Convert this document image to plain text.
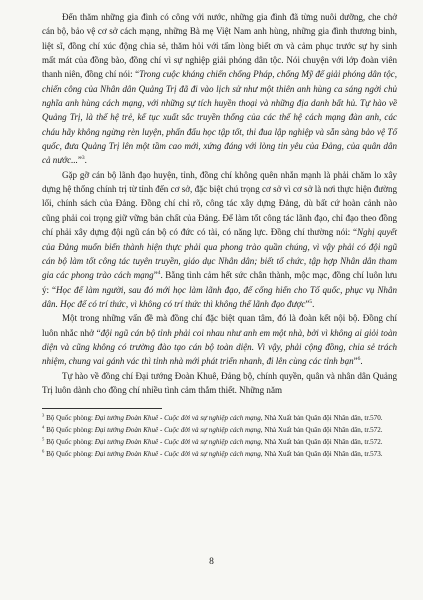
Đến thăm những gia đình có công với nước, những gia đình đã từng nuôi dưỡng, che chở cán bộ, bảo vệ cơ sở cách mạng, những Bà mẹ Việt Nam anh hùng, những gia đình thương binh, liệt sĩ, đồng chí xúc động chia sẻ, thăm hỏi với tấm lòng biết ơn và cảm phục trước sự hy sinh mất mát của đồng bào, đồng chí vì sự nghiệp giải phóng dân tộc. Nói chuyện với lớp đoàn viên thanh niên, đồng chí nói: “Trong cuộc kháng chiến chống Pháp, chống Mỹ để giải phóng dân tộc, chiến công của Nhân dân Quảng Trị đã đi vào lịch sử như một thiên anh hùng ca sáng ngời chủ nghĩa anh hùng cách mạng, với những sự tích huyền thoại và những địa danh bất hủ. Tự hào về Quảng Trị, là thế hệ trẻ, kế tục xuất sắc truyền thống của các thế hệ cách mạng đàn anh, các cháu hãy không ngừng rèn luyện, phấn đấu học tập tốt, thi đua lập nghiệp và sẵn sàng bảo vệ Tổ quốc, đưa Quảng Trị lên một tầm cao mới, xứng đáng với lòng tin yêu của Đảng, của quân dân cả nước...”$^3$.

Gặp gỡ cán bộ lãnh đạo huyện, tỉnh, đồng chí không quên nhắn mạnh là phải chăm lo xây dựng hệ thống chính trị từ tỉnh đến cơ sở, đặc biệt chú trọng cơ sở vì cơ sở là nơi thực hiện đường lối, chính sách của Đảng. Đồng chí chỉ rõ, công tác xây dựng Đảng, dù bất cứ hoàn cảnh nào cũng phải coi trọng giữ vững bản chất của Đảng. Để làm tốt công tác lãnh đạo, chỉ đạo theo đồng chí phải xây dựng đội ngũ cán bộ có đức có tài, có năng lực. Đồng chí thường nói: “Nghị quyết của Đảng muốn biến thành hiện thực phải qua phong trào quần chúng, vì vậy phải có đội ngũ cán bộ làm tốt công tác tuyên truyền, giáo dục Nhân dân; biết tổ chức, tập hợp Nhân dân tham gia các phong trào cách mạng”$^4$. Bằng tình cảm hết sức chân thành, mộc mạc, đồng chí luôn lưu ý: “Học để làm người, sau đó mới học làm lãnh đạo, để cống hiến cho Tổ quốc, phục vụ Nhân dân. Học để có trí thức, vì không có trí thức thì không thể lãnh đạo được”$^5$.

Một trong những vấn đề mà đồng chí đặc biệt quan tâm, đó là đoàn kết nội bộ. Đồng chí luôn nhắc nhở “đội ngũ cán bộ tỉnh phải coi nhau như anh em một nhà, bởi vì không ai giỏi toàn diện và cũng không có trường đào tạo cán bộ toàn diện. Vì vậy, phải cộng đồng, chia sẻ trách nhiệm, chung vai gánh vác thì tỉnh nhà mới phát triển nhanh, đi lên cùng các tỉnh bạn”$^6$.

Tự hào về đồng chí Đại tướng Đoàn Khuê, Đảng bộ, chính quyền, quân và nhân dân Quảng Trị luôn dành cho đồng chí nhiều tình cảm thắm thiết. Những năm

$^3$ Bộ Quốc phòng: Đại tướng Đoàn Khuê - Cuộc đời và sự nghiệp cách mạng, Nhà Xuất bản Quân đội Nhân dân, tr.570.

$^4$ Bộ Quốc phòng: Đại tướng Đoàn Khuê - Cuộc đời và sự nghiệp cách mạng, Nhà Xuất bản Quân đội Nhân dân, tr.572.

$^5$ Bộ Quốc phòng: Đại tướng Đoàn Khuê - Cuộc đời và sự nghiệp cách mạng, Nhà Xuất bản Quân đội Nhân dân, tr.572.

$^6$ Bộ Quốc phòng: Đại tướng Đoàn Khuê - Cuộc đời và sự nghiệp cách mạng, Nhà Xuất bản Quân đội Nhân dân, tr.573.

8
